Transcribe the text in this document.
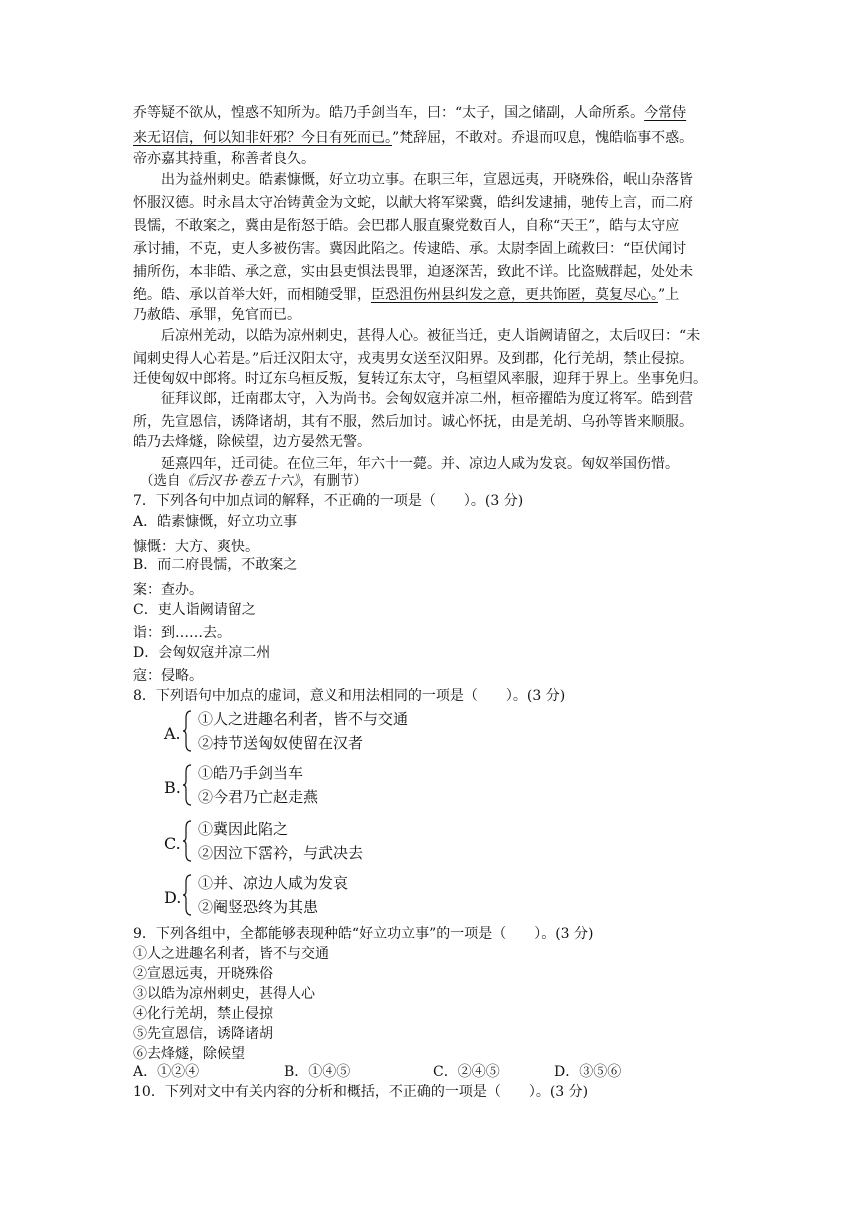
乔等疑不欲从，惶惑不知所为。皓乃手剑当车，曰：“太子，国之储副，人命所系。今常侍
来无诏信，何以知非奸邪？今日有死而已。”梵辞屈，不敢对。乔退而叹息，愧皓临事不惑。
帝亦嘉其持重，称善者良久。
出为益州刺史。皓素慷慨，好立功立事。在职三年，宣恩远夷，开晓殊俗，岷山杂落皆
怀服汉德。时永昌太守冶铸黄金为文蛇，以献大将军梁冀，皓纠发逮捕，驰传上言，而二府
畏懦，不敢案之，冀由是衔怒于皓。会巴郡人服直聚党数百人，自称“天王”，皓与太守应
承讨捕，不克，吏人多被伤害。冀因此陷之。传逮皓、承。太尉李固上疏救曰：“臣伏闻讨
捕所伤，本非皓、承之意，实由县吏惧法畏罪，迫逐深苦，致此不详。比盗贼群起，处处未
绝。皓、承以首举大奸，而相随受罪，臣恐沮伤州县纠发之意，更共饰匿，莫复尽心。”上
乃赦皓、承罪，免官而已。
后凉州羌动，以皓为凉州刺史，甚得人心。被征当迁，吏人诣阙请留之，太后叹曰：“未
闻刺史得人心若是。”后迁汉阳太守，戎夷男女送至汉阳界。及到郡，化行羌胡，禁止侵掠。
迁使匈奴中郎将。时辽东乌桓反叛，复转辽东太守，乌桓望风率服，迎拜于界上。坐事免归。
征拜议郎，迁南郡太守，入为尚书。会匈奴寇并凉二州，桓帝擢皓为度辽将军。皓到营
所，先宣恩信，诱降诸胡，其有不服，然后加讨。诚心怀抚，由是羌胡、乌孙等皆来顺服。
皓乃去烽燧，除候望，边方晏然无警。
延熹四年，迁司徒。在位三年，年六十一薨。并、凉边人咸为发哀。匈奴举国伤惜。
（选自《后汉书·卷五十六》，有删节）
7．下列各句中加点词的解释，不正确的一项是（　　）。(3 分)
A．皓素慷慨，好立功立事
慷慨：大方、爽快。
B．而二府畏懦，不敢案之
案：查办。
C．吏人诣阙请留之
诣：到……去。
D．会匈奴寇并凉二州
寇：侵略。
8．下列语句中加点的虚词，意义和用法相同的一项是（　　）。(3 分)
A.
①人之进趣名利者，皆不与交通
②持节送匈奴使留在汉者
B.
①皓乃手剑当车
②今君乃亡赵走燕
C.
①冀因此陷之
②因泣下霑衿，与武决去
D.
①并、凉边人咸为发哀
②阉竖恐终为其患
9．下列各组中，全都能够表现种皓“好立功立事”的一项是（　　）。(3 分)
①人之进趣名利者，皆不与交通
②宣恩远夷，开晓殊俗
③以皓为凉州刺史，甚得人心
④化行羌胡，禁止侵掠
⑤先宣恩信，诱降诸胡
⑥去烽燧，除候望
A．①②④	B．①④⑤	C．②④⑤	D．③⑤⑥
10．下列对文中有关内容的分析和概括，不正确的一项是（　　）。(3 分)
